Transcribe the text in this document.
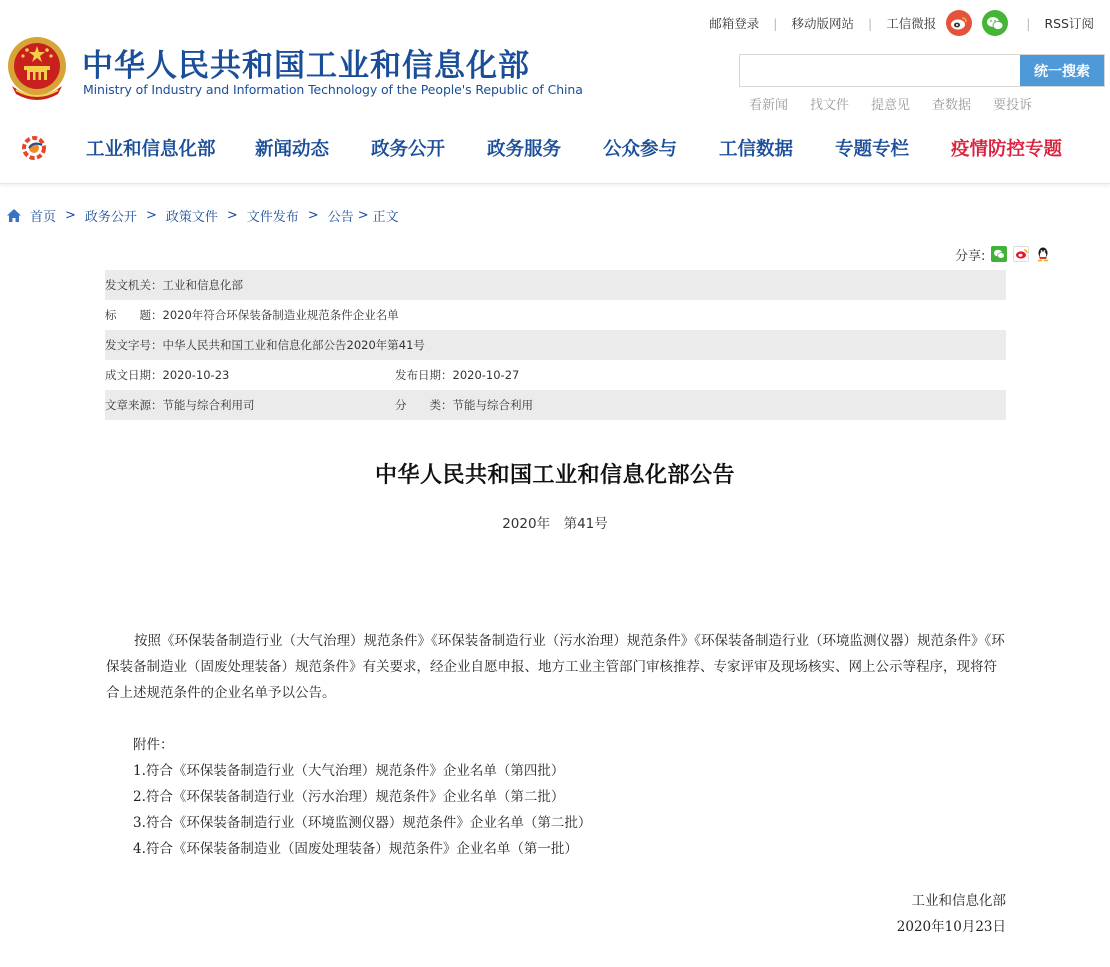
中华人民共和国工业和信息化部
Ministry of Industry and Information Technology of the People's Republic of China
邮箱登录 | 移动版网站 | 工信微报	| RSS订阅
统一搜索
看新闻 找文件 提意见 查数据 要投诉
工业和信息化部 新闻动态 政务公开 政务服务 公众参与 工信数据 专题专栏 疫情防控专题
首页 > 政务公开 > 政策文件 > 文件发布 > 公告 > 正文
分享:
发文机关：工业和信息化部
标　　题：2020年符合环保装备制造业规范条件企业名单
发文字号：中华人民共和国工业和信息化部公告2020年第41号
成文日期：2020-10-23	发布日期：2020-10-27
文章来源：节能与综合利用司	分　　类：节能与综合利用
中华人民共和国工业和信息化部公告
2020年　第41号
按照《环保装备制造行业（大气治理）规范条件》《环保装备制造行业（污水治理）规范条件》《环保装备制造行业（环境监测仪器）规范条件》《环保装备制造业（固废处理装备）规范条件》有关要求，经企业自愿申报、地方工业主管部门审核推荐、专家评审及现场核实、网上公示等程序，现将符合上述规范条件的企业名单予以公告。
附件：
1.符合《环保装备制造行业（大气治理）规范条件》企业名单（第四批）
2.符合《环保装备制造行业（污水治理）规范条件》企业名单（第二批）
3.符合《环保装备制造行业（环境监测仪器）规范条件》企业名单（第二批）
4.符合《环保装备制造业（固废处理装备）规范条件》企业名单（第一批）
工业和信息化部
2020年10月23日
